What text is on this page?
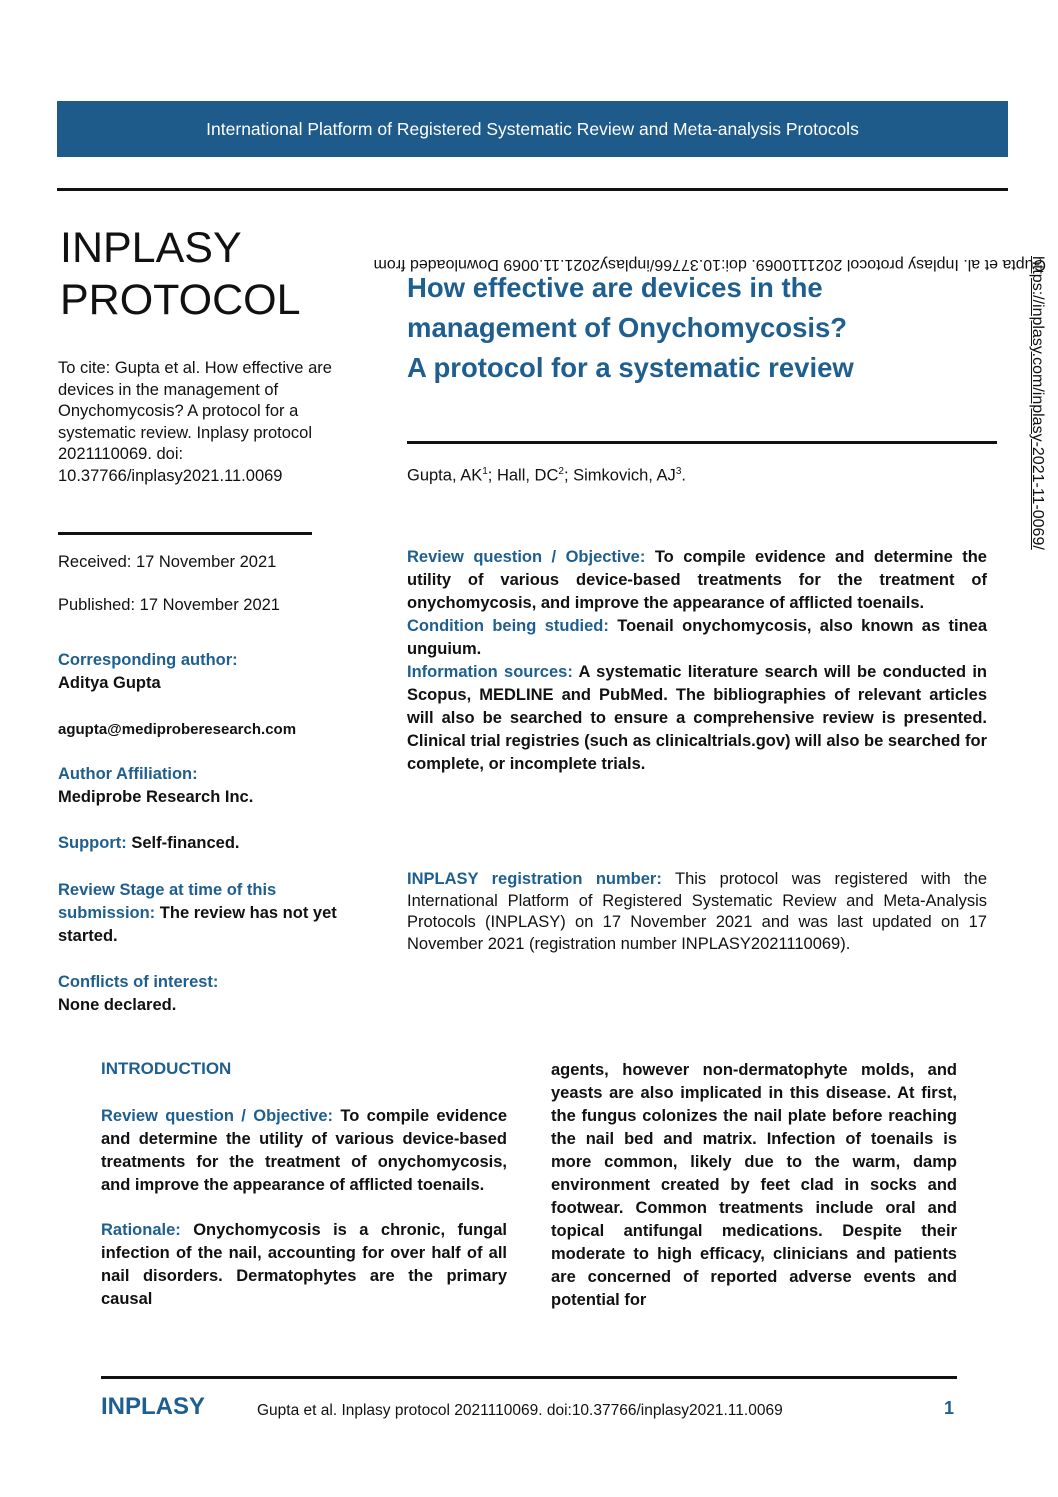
International Platform of Registered Systematic Review and Meta-analysis Protocols
INPLASY
PROTOCOL
To cite: Gupta et al. How effective are devices in the management of Onychomycosis? A protocol for a systematic review. Inplasy protocol 2021110069. doi: 10.37766/inplasy2021.11.0069
Received: 17 November 2021
Published: 17 November 2021
Corresponding author:
Aditya Gupta
agupta@mediproberesearch.com
Author Affiliation:
Mediprobe Research Inc.
Support: Self-financed.
Review Stage at time of this submission: The review has not yet started.
Conflicts of interest:
None declared.
How effective are devices in the
management of Onychomycosis?
A protocol for a systematic review
Gupta, $AK^1$; Hall, $DC^2$; Simkovich, $AJ^3$.

Review question / Objective: To compile evidence and determine the utility of various device-based treatments for the treatment of onychomycosis, and improve the appearance of afflicted toenails.

Condition being studied: Toenail onychomycosis, also known as tinea unguium.

Information sources: A systematic literature search will be conducted in Scopus, MEDLINE and PubMed. The bibliographies of relevant articles will also be searched to ensure a comprehensive review is presented. Clinical trial registries (such as clinicaltrials.gov) will also be searched for complete, or incomplete trials.

INPLASY registration number: This protocol was registered with the International Platform of Registered Systematic Review and Meta-Analysis Protocols (INPLASY) on 17 November 2021 and was last updated on 17 November 2021 (registration number INPLASY2021110069).
INTRODUCTION

Review question / Objective: To compile evidence and determine the utility of various device-based treatments for the treatment of onychomycosis, and improve the appearance of afflicted toenails.

Rationale: Onychomycosis is a chronic, fungal infection of the nail, accounting for over half of all nail disorders. Dermatophytes are the primary causal

agents, however non-dermatophyte molds, and yeasts are also implicated in this disease. At first, the fungus colonizes the nail plate before reaching the nail bed and matrix. Infection of toenails is more common, likely due to the warm, damp environment created by feet clad in socks and footwear. Common treatments include oral and topical antifungal medications. Despite their moderate to high efficacy, clinicians and patients are concerned of reported adverse events and potential for

Gupta et al. Inplasy protocol 2021110069. doi:10.37766/inplasy2021.11.0069 Downloaded from
https://inplasy.com/inplasy-2021-11-0069/
INPLASY	Gupta et al. Inplasy protocol 2021110069. doi:10.37766/inplasy2021.11.0069	1
